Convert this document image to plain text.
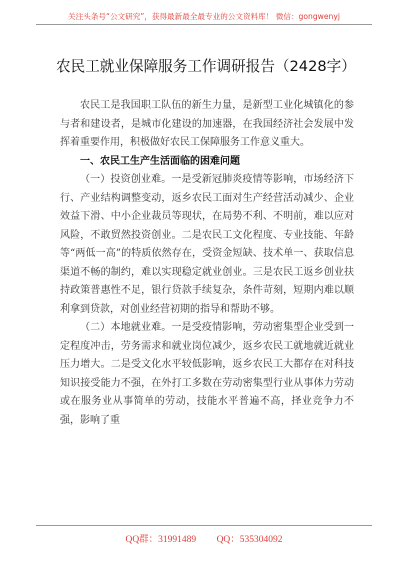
关注头条号“公文研究”，获得最新最全最专业的公文资料库！ 微信：gongwenyj
农民工就业保障服务工作调研报告（2428字）

农民工是我国职工队伍的新生力量，是新型工业化城镇化的参与者和建设者，是城市化建设的加速器，在我国经济社会发展中发挥着重要作用，积极做好农民工保障服务工作意义重大。

一、农民工生产生活面临的困难问题

（一）投资创业难。一是受新冠肺炎疫情等影响，市场经济下行、产业结构调整变动，返乡农民工面对生产经营活动减少、企业效益下滑、中小企业裁员等现状，在局势不利、不明前，难以应对风险，不敢贸然投资创业。二是农民工文化程度、专业技能、年龄等“两低一高”的特质依然存在，受资金短缺、技术单一、获取信息渠道不畅的制约，难以实现稳定就业创业。三是农民工返乡创业扶持政策普惠性不足，银行贷款手续复杂，条件苛刻，短期内难以顺利拿到贷款，对创业经营初期的指导和帮助不够。

（二）本地就业难。一是受疫情影响，劳动密集型企业受到一定程度冲击，劳务需求和就业岗位减少，返乡农民工就地就近就业压力增大。二是受文化水平较低影响，返乡农民工大都存在对科技知识接受能力不强，在外打工多数在劳动密集型行业从事体力劳动或在服务业从事简单的劳动，技能水平普遍不高，择业竞争力不强，影响了重

QQ群：31991489 QQ：535304092
